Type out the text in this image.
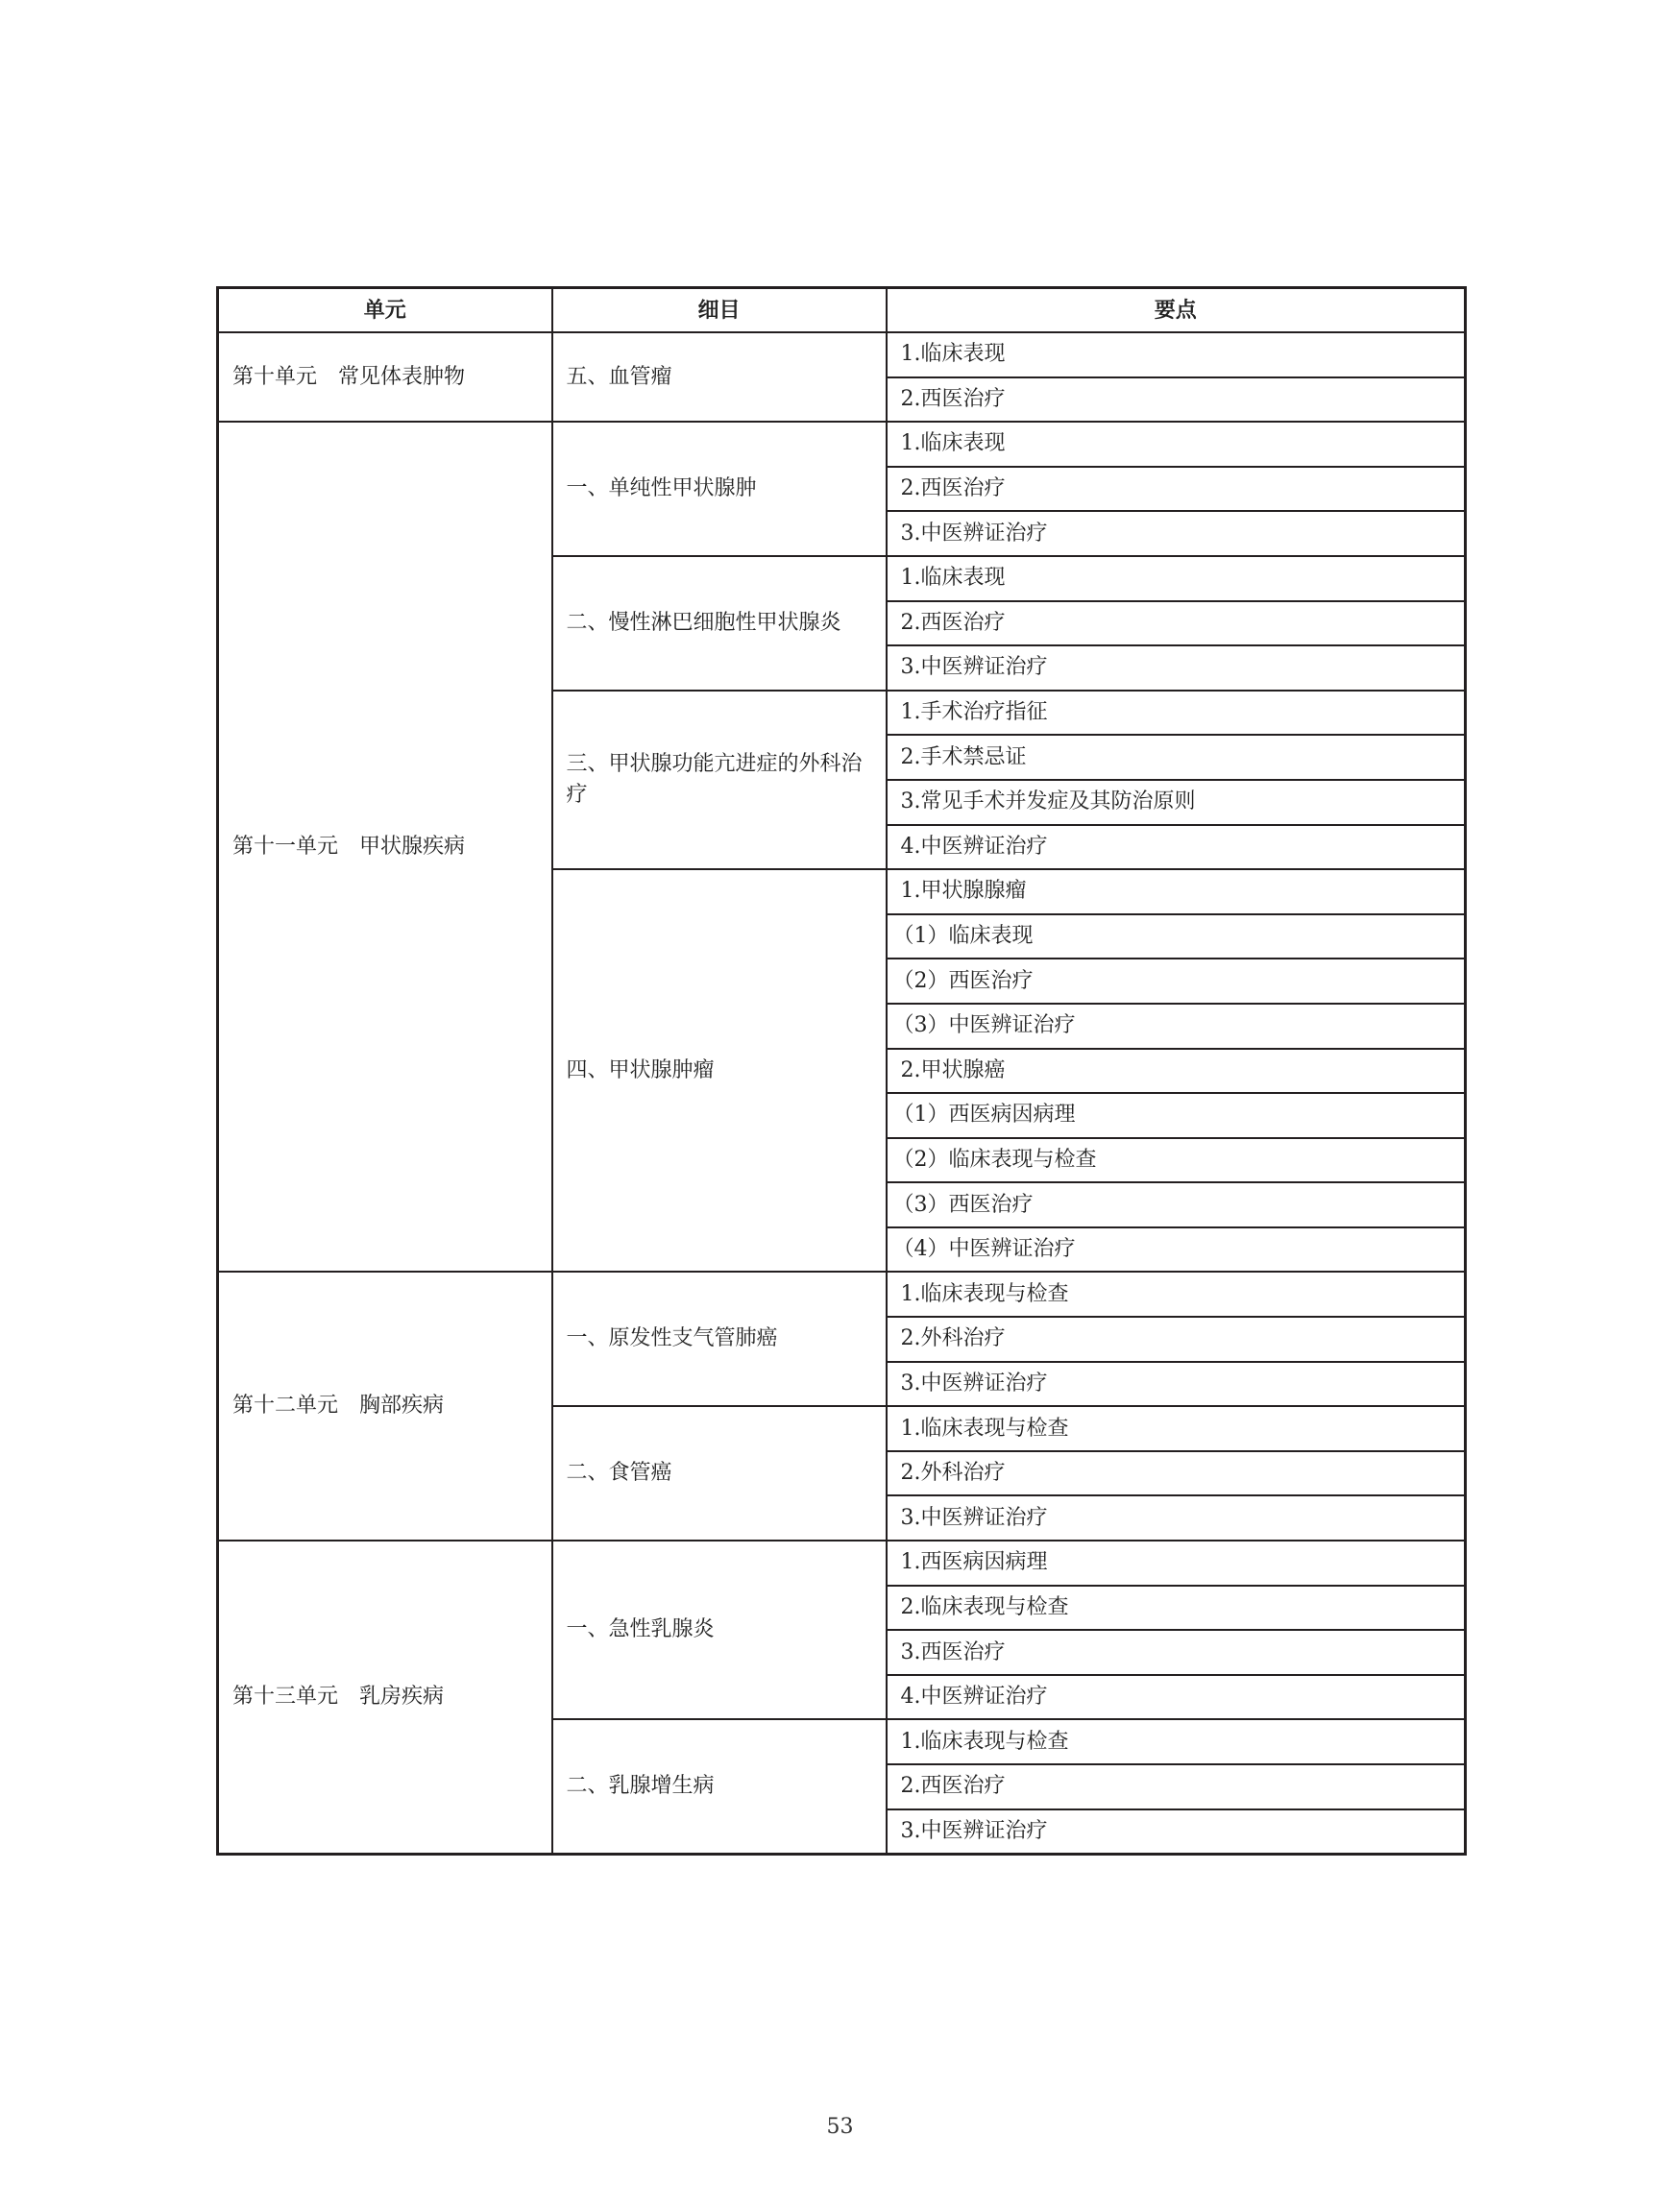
单元	细目	要点
第十单元　常见体表肿物	五、血管瘤	1.临床表现
		2.西医治疗
第十一单元　甲状腺疾病	一、单纯性甲状腺肿	1.临床表现
		2.西医治疗
		3.中医辨证治疗
	二、慢性淋巴细胞性甲状腺炎	1.临床表现
		2.西医治疗
		3.中医辨证治疗
	三、甲状腺功能亢进症的外科治疗	1.手术治疗指征
		2.手术禁忌证
		3.常见手术并发症及其防治原则
		4.中医辨证治疗
	四、甲状腺肿瘤	1.甲状腺腺瘤
		（1）临床表现
		（2）西医治疗
		（3）中医辨证治疗
		2.甲状腺癌
		（1）西医病因病理
		（2）临床表现与检查
		（3）西医治疗
		（4）中医辨证治疗
第十二单元　胸部疾病	一、原发性支气管肺癌	1.临床表现与检查
		2.外科治疗
		3.中医辨证治疗
	二、食管癌	1.临床表现与检查
		2.外科治疗
		3.中医辨证治疗
第十三单元　乳房疾病	一、急性乳腺炎	1.西医病因病理
		2.临床表现与检查
		3.西医治疗
		4.中医辨证治疗
	二、乳腺增生病	1.临床表现与检查
		2.西医治疗
		3.中医辨证治疗
53
